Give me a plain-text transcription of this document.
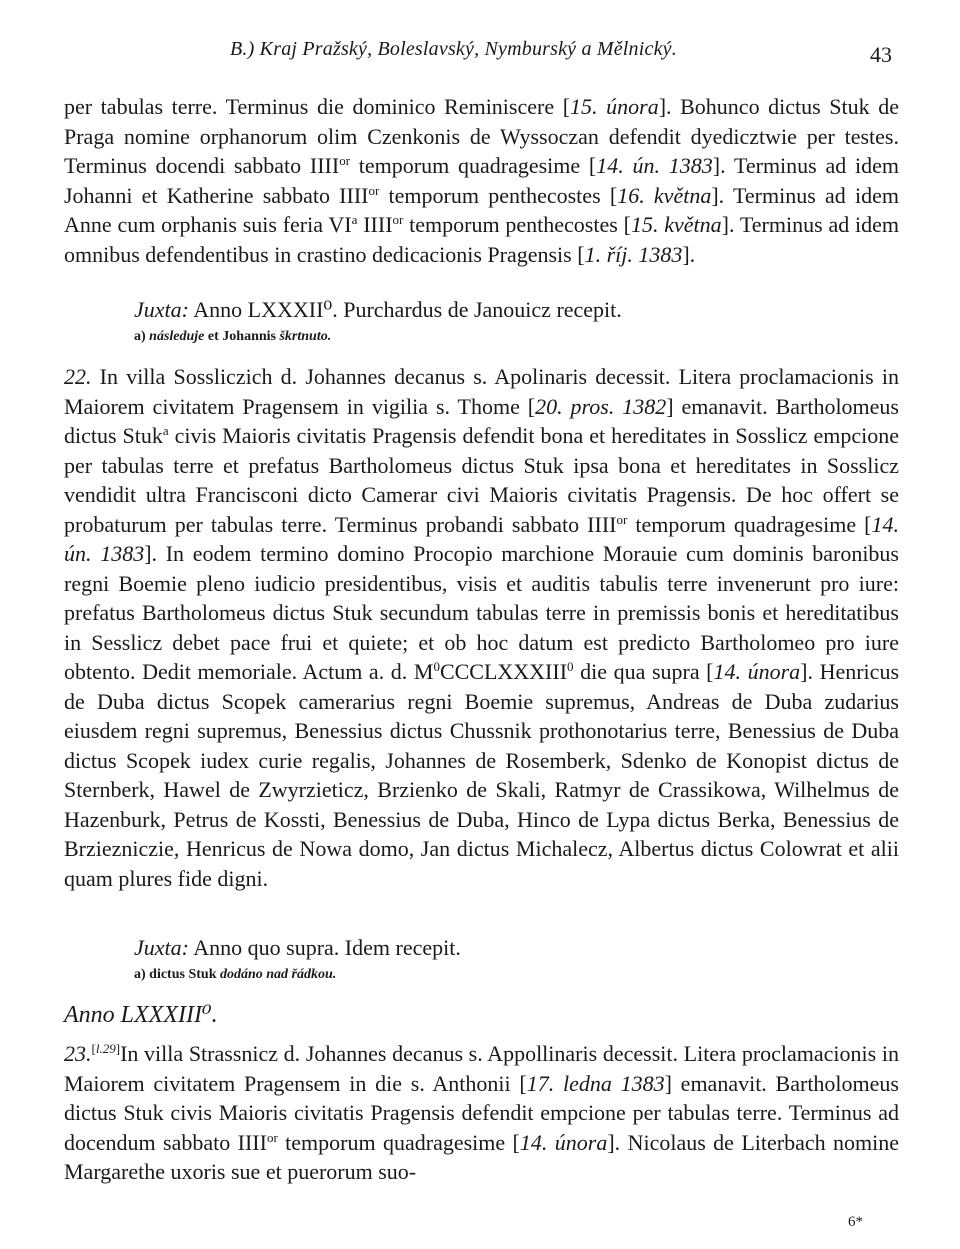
B.) Kraj Pražský, Boleslavský, Nymburský a Mělnický.	43

per tabulas terre. Terminus die dominico Reminiscere [15. února]. Bohunco dictus Stuk de Praga nomine orphanorum olim Czenkonis de Wyssoczan defendit dyedicztwie per testes. Terminus docendi sabbato $IIII^{or}$ temporum quadragesime [14. ún. 1383]. Terminus ad idem Johanni et Katherine sabbato $IIII^{or}$ temporum penthecostes [16. května]. Terminus ad idem Anne cum orphanis suis feria $VI^a$ $IIII^{or}$ temporum penthecostes [15. května]. Terminus ad idem omnibus defendentibus in crastino dedicacionis Pragensis [1. říj. 1383].

Juxta: Anno LXXXII⁰. Purchardus de Janouicz recepit.
a) následuje et Johannis škrtnuto.

22. In villa Sossliczich d. Johannes decanus s. Apolinaris decessit. Litera proclamacionis in Maiorem civitatem Pragensem in vigilia s. Thome [20. pros. 1382] emanavit. Bartholomeus dictus Stuk$^a$ civis Maioris civitatis Pragensis defendit bona et hereditates in Sosslicz empcione per tabulas terre et prefatus Bartholomeus dictus Stuk ipsa bona et hereditates in Sosslicz vendidit ultra Francisconi dicto Camerar civi Maioris civitatis Pragensis. De hoc offert se probaturum per tabulas terre. Terminus probandi sabbato $IIII^{or}$ temporum quadragesime [14. ún. 1383]. In eodem termino domino Procopio marchione Morauie cum dominis baronibus regni Boemie pleno iudicio presidentibus, visis et auditis tabulis terre invenerunt pro iure: prefatus Bartholomeus dictus Stuk secundum tabulas terre in premissis bonis et hereditatibus in Sesslicz debet pace frui et quiete; et ob hoc datum est predicto Bartholomeo pro iure obtento. Dedit memoriale. Actum a. d. $M^0CCCLXXXIII^0$ die qua supra [14. února]. Henricus de Duba dictus Scopek camerarius regni Boemie supremus, Andreas de Duba zudarius eiusdem regni supremus, Benessius dictus Chussnik prothonotarius terre, Benessius de Duba dictus Scopek iudex curie regalis, Johannes de Rosemberk, Sdenko de Konopist dictus de Sternberk, Hawel de Zwyrzieticz, Brzienko de Skali, Ratmyr de Crassikowa, Wilhelmus de Hazenburk, Petrus de Kossti, Benessius de Duba, Hinco de Lypa dictus Berka, Benessius de Brziezniczie, Henricus de Nowa domo, Jan dictus Michalecz, Albertus dictus Colowrat et alii quam plures fide digni.

Juxta: Anno quo supra. Idem recepit.
a) dictus Stuk dodáno nad řádkou.
Anno LXXXIII⁰.

23.[l.29]In villa Strassnicz d. Johannes decanus s. Appollinaris decessit. Litera proclamacionis in Maiorem civitatem Pragensem in die s. Anthonii [17. ledna 1383] emanavit. Bartholomeus dictus Stuk civis Maioris civitatis Pragensis defendit empcione per tabulas terre. Terminus ad docendum sabbato $IIII^{or}$ temporum quadragesime [14. února]. Nicolaus de Literbach nomine Margarethe uxoris sue et puerorum suo-

6*
